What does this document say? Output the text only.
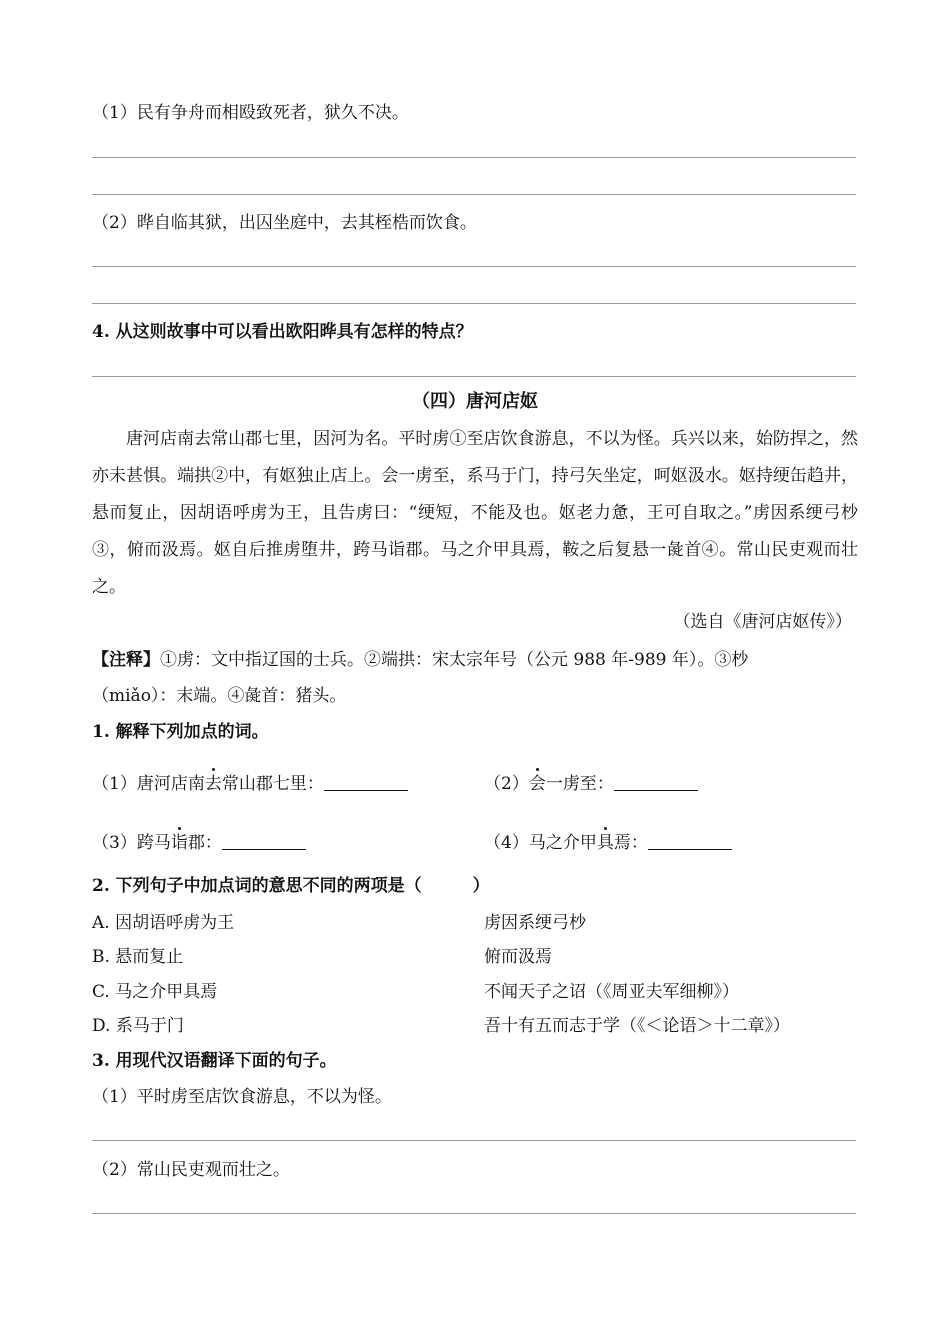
（1）民有争舟而相殴致死者，狱久不决。
（2）晔自临其狱，出囚坐庭中，去其桎梏而饮食。
4. 从这则故事中可以看出欧阳晔具有怎样的特点？
（四）唐河店妪
唐河店南去常山郡七里，因河为名。平时虏①至店饮食游息，不以为怪。兵兴以来，始防捍之，然亦未甚惧。端拱②中，有妪独止店上。会一虏至，系马于门，持弓矢坐定，呵妪汲水。妪持绠缶趋井，悬而复止，因胡语呼虏为王，且告虏曰：“绠短，不能及也。妪老力惫，王可自取之。”虏因系绠弓杪③，俯而汲焉。妪自后推虏堕井，跨马诣郡。马之介甲具焉，鞍之后复悬一彘首④。常山民吏观而壮之。
（选自《唐河店妪传》）
【注释】①虏：文中指辽国的士兵。②端拱：宋太宗年号（公元 988 年-989 年）。③杪
（miǎo）：末端。④彘首：猪头。
1. 解释下列加点的词。
（1）唐河店南去常山郡七里：	（2）会一虏至：
（3）跨马诣郡：	（4）马之介甲具焉：
2. 下列句子中加点词的意思不同的两项是（　　　）
A. 因胡语呼虏为王	虏因系绠弓杪
B. 悬而复止	俯而汲焉
C. 马之介甲具焉	不闻天子之诏（《周亚夫军细柳》）
D. 系马于门	吾十有五而志于学（《＜论语＞十二章》）
3. 用现代汉语翻译下面的句子。
（1）平时虏至店饮食游息，不以为怪。
（2）常山民吏观而壮之。
